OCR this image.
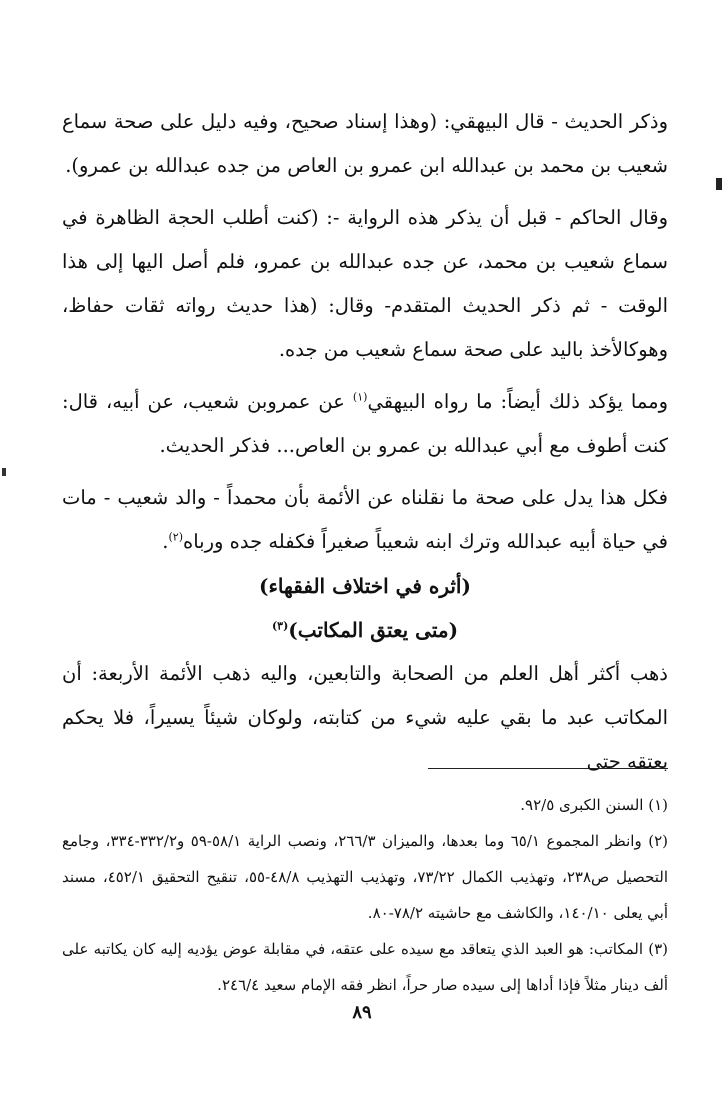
وذكر الحديث - قال البيهقي: (وهذا إسناد صحيح، وفيه دليل على صحة سماع شعيب بن محمد بن عبدالله ابن عمرو بن العاص من جده عبدالله بن عمرو).

وقال الحاكم - قبل أن يذكر هذه الرواية -: (كنت أطلب الحجة الظاهرة في سماع شعيب بن محمد، عن جده عبدالله بن عمرو، فلم أصل اليها إلى هذا الوقت - ثم ذكر الحديث المتقدم- وقال: (هذا حديث رواته ثقات حفاظ، وهوكالأخذ باليد على صحة سماع شعيب من جده.

ومما يؤكد ذلك أيضاً: ما رواه البيهقي$^{(١)}$ عن عمروبن شعيب، عن أبيه، قال: كنت أطوف مع أبي عبدالله بن عمرو بن العاص... فذكر الحديث.

فكل هذا يدل على صحة ما نقلناه عن الأئمة بأن محمداً - والد شعيب - مات في حياة أبيه عبدالله وترك ابنه شعيباً صغيراً فكفله جده ورباه$^{(٢)}$.

(أثره في اختلاف الفقهاء)
(متى يعتق المكاتب)$^{(٣)}$

ذهب أكثر أهل العلم من الصحابة والتابعين، واليه ذهب الأئمة الأربعة: أن المكاتب عبد ما بقي عليه شيء من كتابته، ولوكان شيئاً يسيراً، فلا يحكم بعتقه حتى

(١) السنن الكبرى ٩٢/٥.

(٢) وانظر المجموع ٦٥/١ وما بعدها، والميزان ٢٦٦/٣، ونصب الراية ٥٨/١-٥٩ و٣٣٢/٢-٣٣٤، وجامع التحصيل ص٢٣٨، وتهذيب الكمال ٧٣/٢٢، وتهذيب التهذيب ٤٨/٨-٥٥، تنقيح التحقيق ٤٥٢/١، مسند أبي يعلى ١٤٠/١٠، والكاشف مع حاشيته ٧٨/٢-٨٠.

(٣) المكاتب: هو العبد الذي يتعاقد مع سيده على عتقه، في مقابلة عوض يؤديه إليه كان يكاتبه على ألف دينار مثلاً فإذا أداها إلى سيده صار حراً، انظر فقه الإمام سعيد ٢٤٦/٤.

٨٩
